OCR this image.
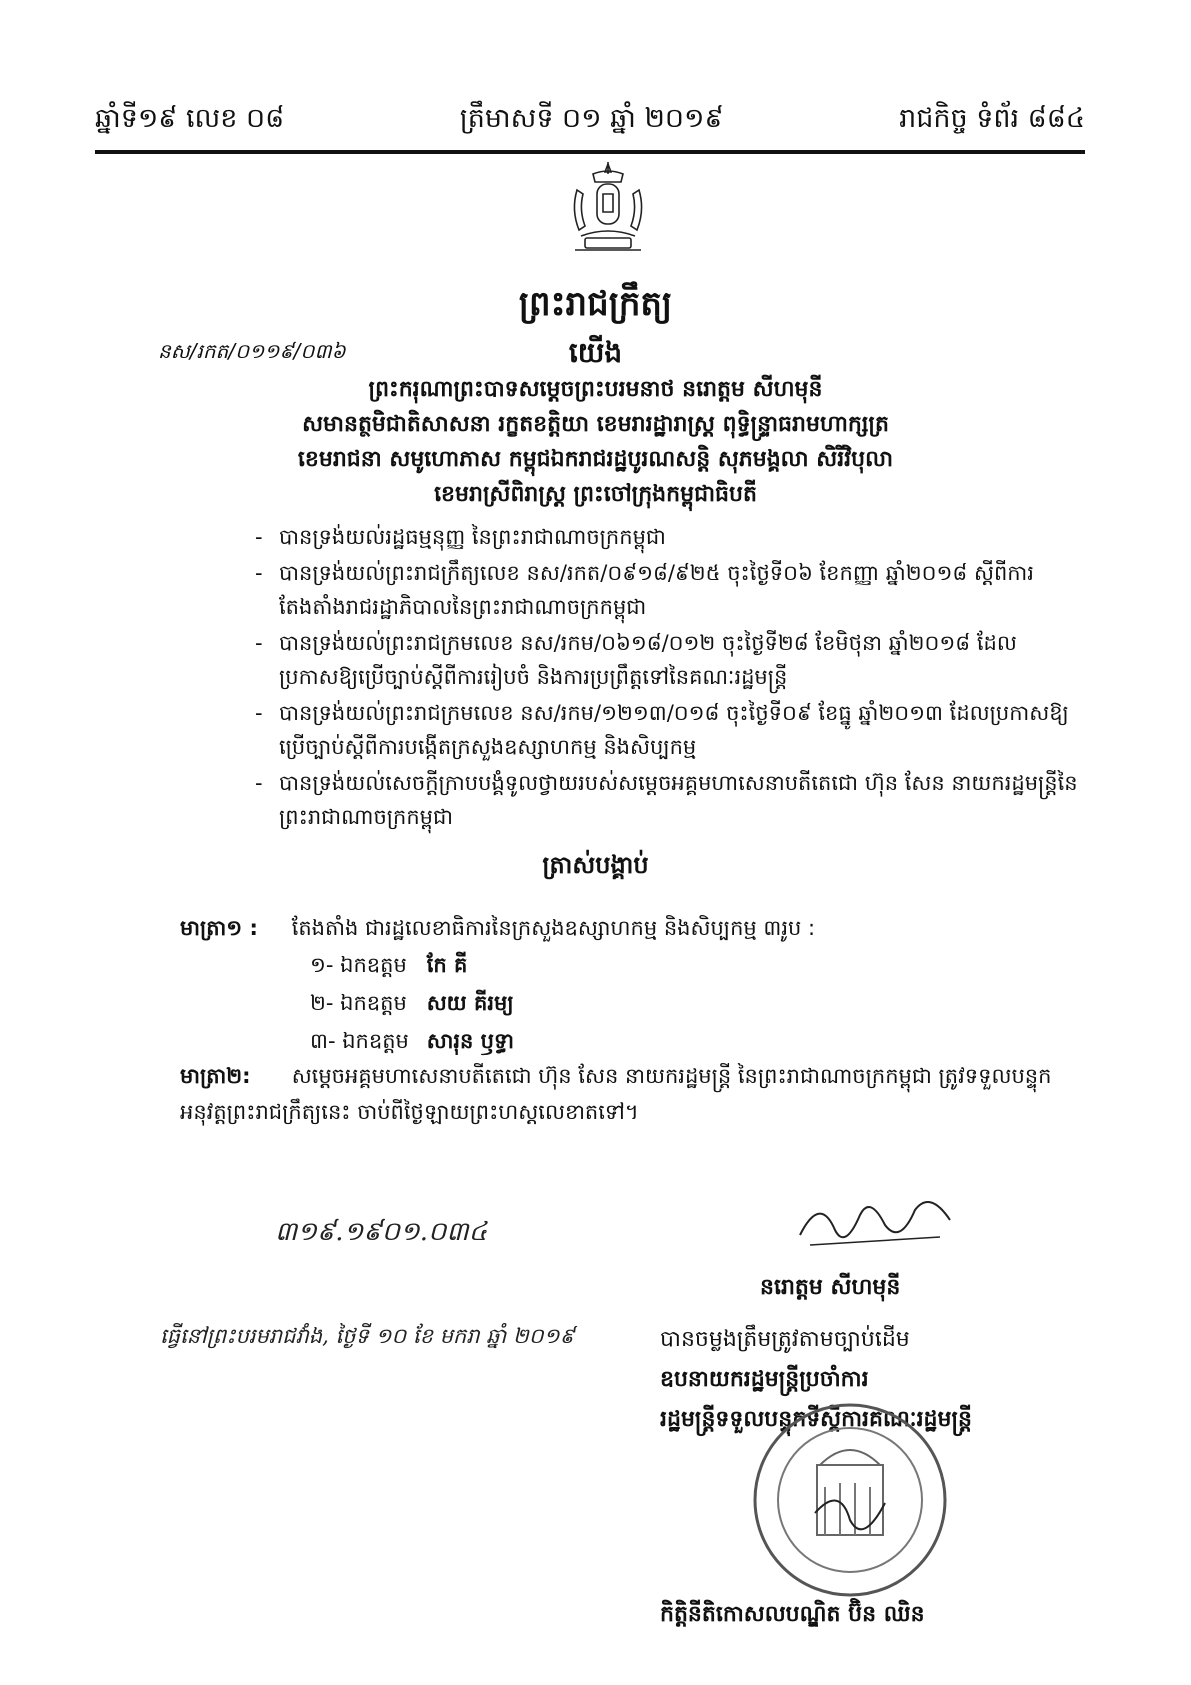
ឆ្នាំទី១៩ លេខ ០៨	ត្រឹមាសទី ០១ ឆ្នាំ ២០១៩	រាជកិច្ច ទំព័រ ៨៨៤
ព្រះរាជក្រឹត្យ
នស/រកត/០១១៩/០៣៦	យើង
ព្រះករុណាព្រះបាទសម្តេចព្រះបរមនាថ នរោត្តម សីហមុនី
សមានត្ថមិជាតិសាសនា រក្ខតខត្តិយា ខេមរារដ្ឋារាស្ត្រ ពុទ្ធិន្ទ្រាធរាមហាក្សត្រ
ខេមរាជនា សមូហោភាស កម្ពុជឯករាជរដ្ឋបូរណសន្តិ សុភមង្គលា សិរីវិបុលា
ខេមរាស្រីពិរាស្ត្រ ព្រះចៅក្រុងកម្ពុជាធិបតី
- បានទ្រង់យល់រដ្ឋធម្មនុញ្ញ នៃព្រះរាជាណាចក្រកម្ពុជា
- បានទ្រង់យល់ព្រះរាជក្រឹត្យលេខ នស/រកត/០៩១៨/៩២៥ ចុះថ្ងៃទី០៦ ខែកញ្ញា ឆ្នាំ២០១៨ ស្តីពីការតែងតាំងរាជរដ្ឋាភិបាលនៃព្រះរាជាណាចក្រកម្ពុជា
- បានទ្រង់យល់ព្រះរាជក្រមលេខ នស/រកម/០៦១៨/០១២ ចុះថ្ងៃទី២៨ ខែមិថុនា ឆ្នាំ២០១៨ ដែលប្រកាសឱ្យប្រើច្បាប់ស្តីពីការរៀបចំ និងការប្រព្រឹត្តទៅនៃគណៈរដ្ឋមន្ត្រី
- បានទ្រង់យល់ព្រះរាជក្រមលេខ នស/រកម/១២១៣/០១៨ ចុះថ្ងៃទី០៩ ខែធ្នូ ឆ្នាំ២០១៣ ដែលប្រកាសឱ្យប្រើច្បាប់ស្តីពីការបង្កើតក្រសួងឧស្សាហកម្ម និងសិប្បកម្ម
- បានទ្រង់យល់សេចក្តីក្រាបបង្គំទូលថ្វាយរបស់សម្តេចអគ្គមហាសេនាបតីតេជោ ហ៊ុន សែន នាយករដ្ឋមន្ត្រីនៃព្រះរាជាណាចក្រកម្ពុជា
ត្រាស់បង្គាប់
មាត្រា១ : តែងតាំង ជារដ្ឋលេខាធិការនៃក្រសួងឧស្សាហកម្ម និងសិប្បកម្ម ៣រូប :
១- ឯកឧត្តម កែ គី
២- ឯកឧត្តម សយ គីរម្យ
៣- ឯកឧត្តម សារុន ឫទ្ធា
មាត្រា២: សម្តេចអគ្គមហាសេនាបតីតេជោ ហ៊ុន សែន នាយករដ្ឋមន្ត្រី នៃព្រះរាជាណាចក្រកម្ពុជា ត្រូវទទួលបន្ទុកអនុវត្តព្រះរាជក្រឹត្យនេះ ចាប់ពីថ្ងៃឡាយព្រះហស្តលេខាតទៅ។
៣១៩.១៩០១.០៣៤
នរោត្តម សីហមុនី
ធ្វើនៅព្រះបរមរាជវាំង, ថ្ងៃទី ១០ ខែ មករា ឆ្នាំ ២០១៩	បានចម្លងត្រឹមត្រូវតាមច្បាប់ដើម
ឧបនាយករដ្ឋមន្ត្រីប្រចាំការ
រដ្ឋមន្ត្រីទទួលបន្ទុកទីស្តីការគណៈរដ្ឋមន្ត្រី
កិត្តិនីតិកោសលបណ្ឌិត ប៊ិន ឈិន
